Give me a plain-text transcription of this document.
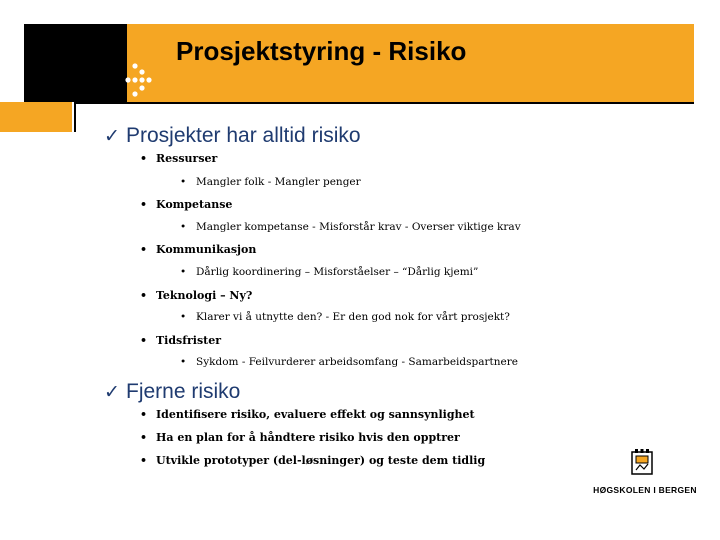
Prosjektstyring - Risiko
✓ Prosjekter har alltid risiko
• Ressurser
• Mangler folk - Mangler penger
• Kompetanse
• Mangler kompetanse - Misforstår krav - Overser viktige krav
• Kommunikasjon
• Dårlig koordinering – Misforståelser – “Dårlig kjemi”
• Teknologi – Ny?
• Klarer vi å utnytte den? - Er den god nok for vårt prosjekt?
• Tidsfrister
• Sykdom - Feilvurderer arbeidsomfang - Samarbeidspartnere
✓ Fjerne risiko
• Identifisere risiko, evaluere effekt og sannsynlighet
• Ha en plan for å håndtere risiko hvis den opptrer
• Utvikle prototyper (del-løsninger) og teste dem tidlig
HØGSKOLEN I BERGEN
